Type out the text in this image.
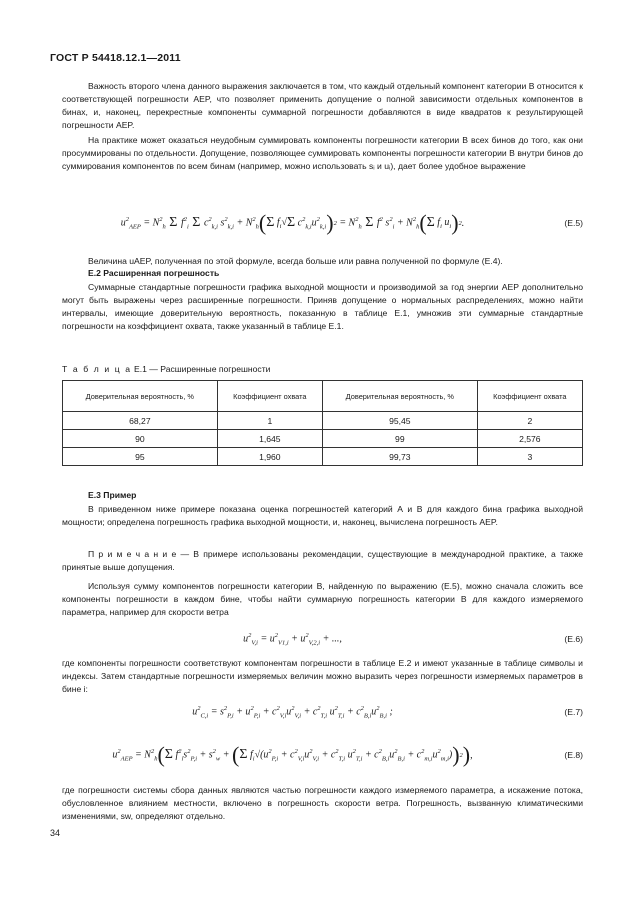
ГОСТ Р 54418.12.1—2011
Важность второго члена данного выражения заключается в том, что каждый отдельный компонент категории В относится к соответствующей погрешности AEP, что позволяет применить допущение о полной зависимости отдельных компонентов в бинах, и, наконец, перекрестные компоненты суммарной погрешности добавляются в виде квадратов к результирующей погрешности AEP.
На практике может оказаться неудобным суммировать компоненты погрешности категории В всех бинов до того, как они просуммированы по отдельности. Допущение, позволяющее суммировать компоненты погрешности категории В внутри бинов до суммирования компонентов по всем бинам (например, можно использовать sᵢ и uᵢ), дает более удобное выражение
$u^2_{AEP} = N^2_h$ Σ $f^2_i$ Σ $c^2_{k,i}$ $s^2_{k,i} + N^2_h$ ( Σ $f_i√$ Σ $c^2_{k,i}u^2_{k,i}$ ) $2 = N^2_h$ Σ $f^2$ $s^2_i + N^2_h$ ( Σ $f_i$ $u_i$ ) 2 .	(Е.5)
Величина uAEP, полученная по этой формуле, всегда больше или равна полученной по формуле (Е.4).
Е.2 Расширенная погрешность
Суммарные стандартные погрешности графика выходной мощности и производимой за год энергии AEP дополнительно могут быть выражены через расширенные погрешности. Приняв допущение о нормальных распределениях, можно найти интервалы, имеющие доверительную вероятность, показанную в таблице Е.1, умножив эти суммарные стандартные погрешности на коэффициент охвата, также указанный в таблице Е.1.
Т а б л и ц а Е.1 — Расширенные погрешности
Доверительная вероятность, %	Коэффициент охвата	Доверительная вероятность, %	Коэффициент охвата
68,27	1	95,45	2
90	1,645	99	2,576
95	1,960	99,73	3
Е.3 Пример
В приведенном ниже примере показана оценка погрешностей категорий А и В для каждого бина графика выходной мощности; определена погрешность графика выходной мощности, и, наконец, вычислена погрешность AEP.
П р и м е ч а н и е — В примере использованы рекомендации, существующие в международной практике, а также принятые выше допущения.
Используя сумму компонентов погрешности категории В, найденную по выражению (Е.5), можно сначала сложить все компоненты погрешности в каждом бине, чтобы найти суммарную погрешность категории В для каждого измеряемого параметра, например для скорости ветра
$u^2_{V,i} = u^2_{V1,i} + u^2_{V,2,i}$ + ...,	(Е.6)
где компоненты погрешности соответствуют компонентам погрешности в таблице Е.2 и имеют указанные в таблице символы и индексы. Затем стандартные погрешности измеряемых величин можно выразить через погрешности измеряемых параметров в бине i:
$u^2_{C,i} = s^2_{P,i} + u^2_{P,i} + c^2_{V,i}u^2_{V,i} + c^2_{T,i}$ $u^2_{T,i} + c^2_{B,i}u^2_{B,i}$ ;	(Е.7)
$u^2_{AEP} = N^2_h$ ( Σ $f^2_is^2_{P,i} + s^2_w$ + ( Σ $f_i√(u^2_{P,i} + c^2_{V,i}u^2_{V,i} + c^2_{T,i}$ $u^2_{T,i} + c^2_{B,i}u^2_{B,i} + c^2_{m,i}u^2_{m,i}$) ) 2 ) ,	(Е.8)
где погрешности системы сбора данных являются частью погрешности каждого измеряемого параметра, а искажение потока, обусловленное влиянием местности, включено в погрешность скорости ветра. Погрешность, вызванную климатическими изменениями, sw, определяют отдельно.
34
